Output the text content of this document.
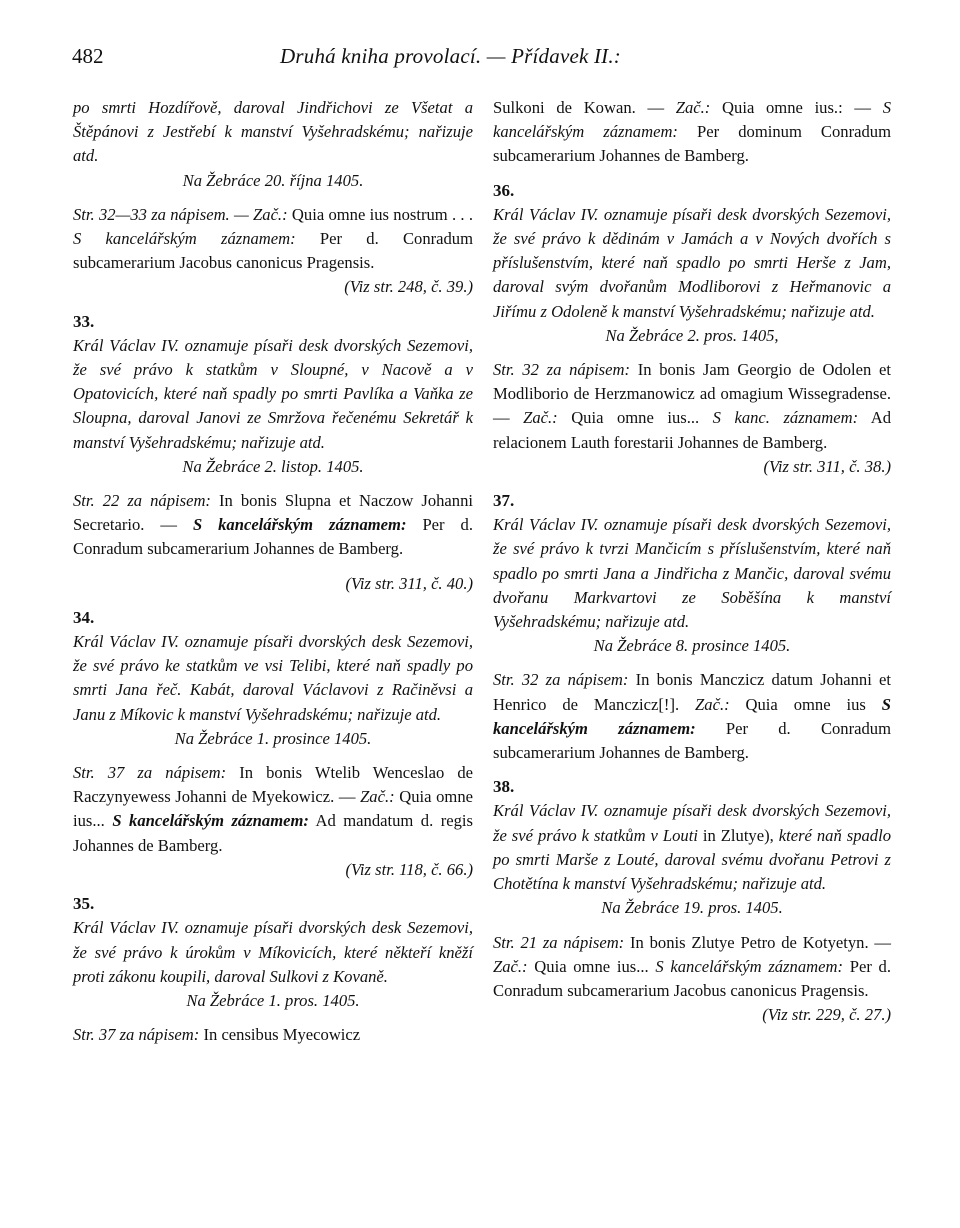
482	Druhá kniha provolací. — Přídavek II.:

po smrti Hozdířově, daroval Jindřichovi ze Všetat a Štěpánovi z Jestřebí k manství Vyšehradskému; nařizuje atd.

Na Žebráce 20. října 1405.

Str. 32—33 za nápisem. — Zač.: Quia omne ius nostrum . . . S kancelářským záznamem: Per d. Conradum subcamerarium Jacobus canonicus Pragensis.

(Viz str. 248, č. 39.)

33.

Král Václav IV. oznamuje písaři desk dvorských Sezemovi, že své právo k statkům v Sloupné, v Nacově a v Opatovicích, které naň spadly po smrti Pavlíka a Vaňka ze Sloupna, daroval Janovi ze Smržova řečenému Sekretář k manství Vyšehradskému; nařizuje atd.

Na Žebráce 2. listop. 1405.

Str. 22 za nápisem: In bonis Slupna et Naczow Johanni Secretario. — S kancelářským záznamem: Per d. Conradum subcamerarium Johannes de Bamberg.

(Viz str. 311, č. 40.)

34.

Král Václav IV. oznamuje písaři dvorských desk Sezemovi, že své právo ke statkům ve vsi Telibi, které naň spadly po smrti Jana řeč. Kabát, daroval Václavovi z Račiněvsi a Janu z Míkovic k manství Vyšehradskému; nařizuje atd.

Na Žebráce 1. prosince 1405.

Str. 37 za nápisem: In bonis Wtelib Wenceslao de Raczynyewess Johanni de Myekowicz. — Zač.: Quia omne ius... S kancelářským záznamem: Ad mandatum d. regis Johannes de Bamberg.

(Viz str. 118, č. 66.)

35.

Král Václav IV. oznamuje písaři dvorských desk Sezemovi, že své právo k úrokům v Míkovicích, které někteří kněží proti zákonu koupili, daroval Sulkovi z Kovaně.

Na Žebráce 1. pros. 1405.

Str. 37 za nápisem: In censibus Myecowicz

Sulkoni de Kowan. — Zač.: Quia omne ius.: — S kancelářským záznamem: Per dominum Conradum subcamerarium Johannes de Bamberg.

36.

Král Václav IV. oznamuje písaři desk dvorských Sezemovi, že své právo k dědinám v Jamách a v Nových dvořích s příslušenstvím, které naň spadlo po smrti Herše z Jam, daroval svým dvořanům Modliborovi z Heřmanovic a Jiřímu z Odoleně k manství Vyšehradskému; nařizuje atd.

Na Žebráce 2. pros. 1405,

Str. 32 za nápisem: In bonis Jam Georgio de Odolen et Modliborio de Herzmanowicz ad omagium Wissegradense. — Zač.: Quia omne ius... S kanc. záznamem: Ad relacionem Lauth forestarii Johannes de Bamberg.

(Viz str. 311, č. 38.)

37.

Král Václav IV. oznamuje písaři desk dvorských Sezemovi, že své právo k tvrzi Mančicím s příslušenstvím, které naň spadlo po smrti Jana a Jindřicha z Mančic, daroval svému dvořanu Markvartovi ze Soběšína k manství Vyšehradskému; nařizuje atd.

Na Žebráce 8. prosince 1405.

Str. 32 za nápisem: In bonis Manczicz datum Johanni et Henrico de Manczicz[!]. Zač.: Quia omne ius S kancelářským záznamem: Per d. Conradum subcamerarium Johannes de Bamberg.

38.

Král Václav IV. oznamuje písaři desk dvorských Sezemovi, že své právo k statkům v Louti in Zlutye), které naň spadlo po smrti Marše z Louté, daroval svému dvořanu Petrovi z Chotětína k manství Vyšehradskému; nařizuje atd.

Na Žebráce 19. pros. 1405.

Str. 21 za nápisem: In bonis Zlutye Petro de Kotyetyn. — Zač.: Quia omne ius... S kancelářským záznamem: Per d. Conradum subcamerarium Jacobus canonicus Pragensis.

(Viz str. 229, č. 27.)
